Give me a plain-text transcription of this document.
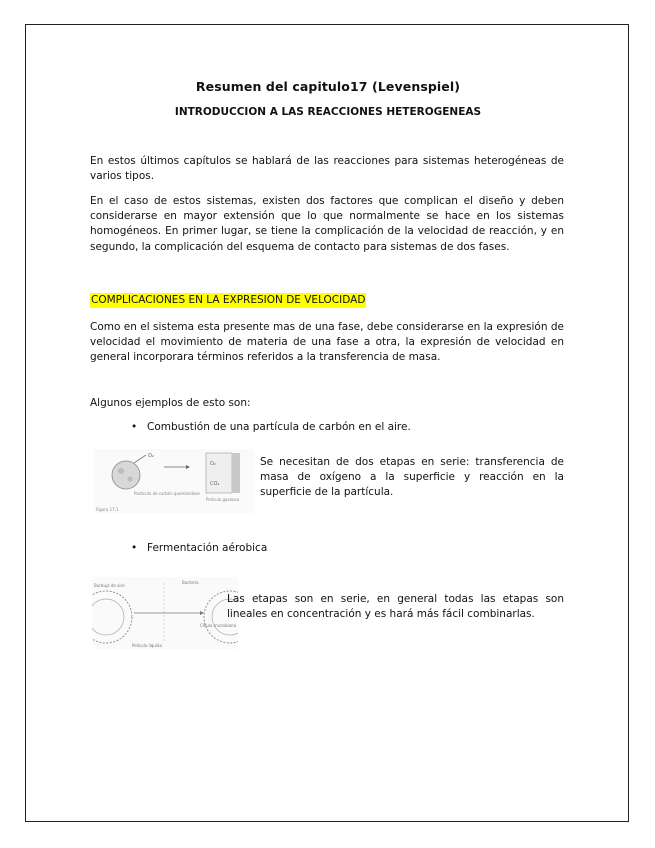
Resumen del capitulo17 (Levenspiel)
INTRODUCCION A LAS REACCIONES HETEROGENEAS

En estos últimos capítulos se hablará de las reacciones para sistemas heterogéneas de varios tipos.

En el caso de estos sistemas, existen dos factores que complican el diseño y deben considerarse en mayor extensión que lo que normalmente se hace en los sistemas homogéneos. En primer lugar, se tiene la complicación de la velocidad de reacción, y en segundo, la complicación del esquema de contacto para sistemas de dos fases.

COMPLICACIONES EN LA EXPRESION DE VELOCIDAD

Como en el sistema esta presente mas de una fase, debe considerarse en la expresión de velocidad el movimiento de materia de una fase a otra, la expresión de velocidad en general incorporara términos referidos a la transferencia de masa.

Algunos ejemplos de esto son:

• Combustión de una partícula de carbón en el aire.
O₂
O₂
CO₂
Partícula de carbón quemándose
Película gaseosa
Figura 17.1

Se necesitan de dos etapas en serie: transferencia de masa de oxígeno a la superficie y reacción en la superficie de la partícula.

• Fermentación aérobica
Bacteria
Burbuja de aire
Célula microbiana
Película líquida

Las etapas son en serie, en general todas las etapas son lineales en concentración y es hará más fácil combinarlas.
